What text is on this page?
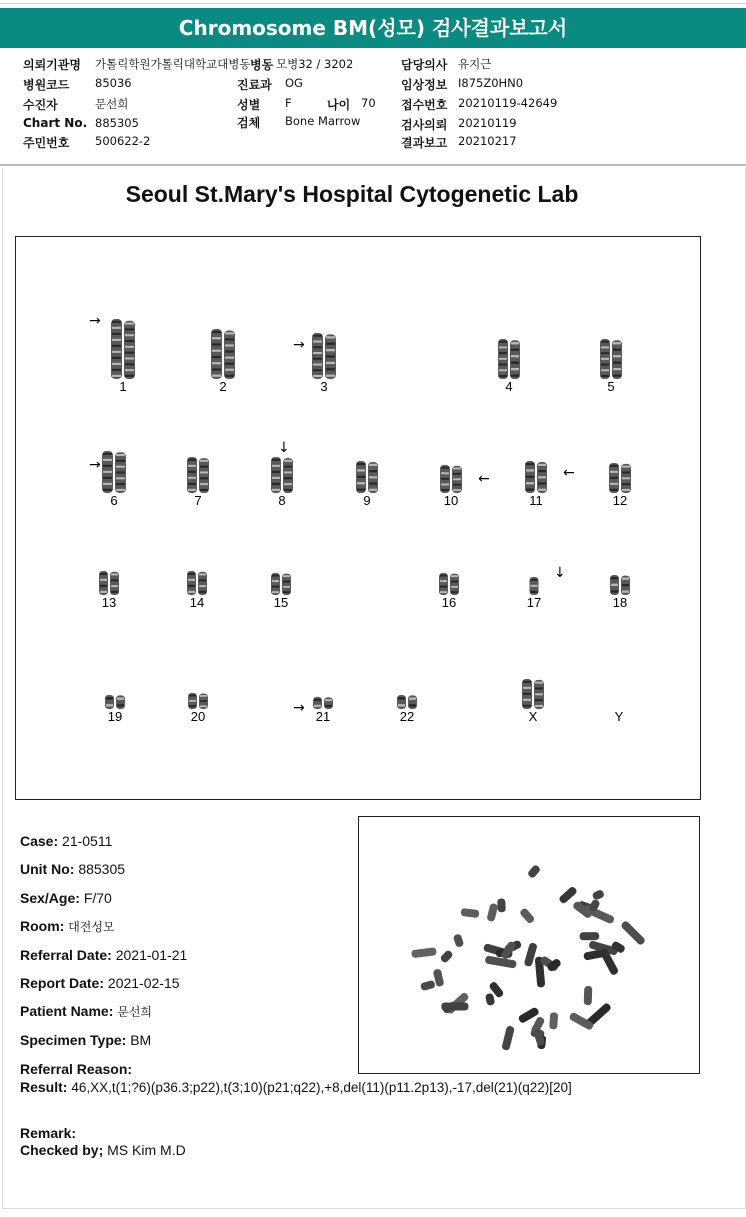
Chromosome BM(성모) 검사결과보고서
의뢰기관명 가톨릭학원가톨릭대학교대병동 병동 모병32 / 3202	담당의사 유지근
병원코드 85036	진료과 OG	임상정보 I875Z0HN0
수진자	문선희	성별 F	나이 70 접수번호 20210119-42649
Chart No. 885305	검체 Bone Marrow	검사의뢰 20210119
주민번호 500622-2	결과보고 20210217
Seoul St.Mary's Hospital Cytogenetic Lab
1	2	3	4	5
6	7	8	9	10	11	12
13	14	15	16	17	18
19	20	21	22	X	Y
→
→
→
↓
←	←
↓
→
Case: 21-0511
Unit No: 885305
Sex/Age: F/70
Room: 대전성모
Referral Date: 2021-01-21
Report Date: 2021-02-15
Patient Name: 문선희
Specimen Type: BM
Referral Reason:
Result: 46,XX,t(1;?6)(p36.3;p22),t(3;10)(p21;q22),+8,del(11)(p11.2p13),-17,del(21)(q22)[20]
Remark:
Checked by; MS Kim M.D
